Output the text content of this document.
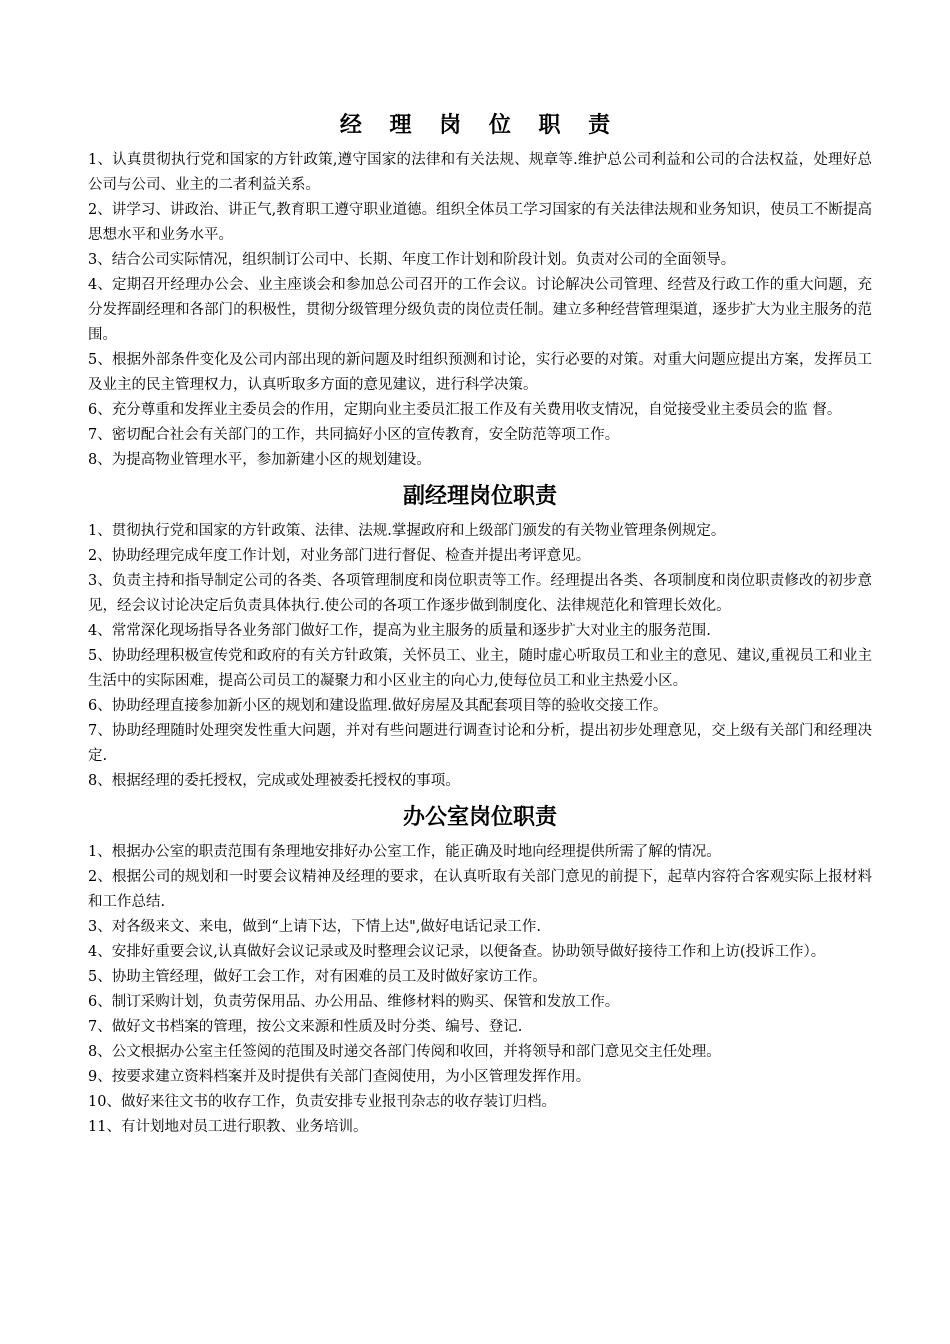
经 理 岗 位 职 责
1、认真贯彻执行党和国家的方针政策,遵守国家的法律和有关法规、规章等.维护总公司利益和公司的合法权益，处理好总公司与公司、业主的二者利益关系。
2、讲学习、讲政治、讲正气,教育职工遵守职业道德。组织全体员工学习国家的有关法律法规和业务知识，使员工不断提高思想水平和业务水平。
3、结合公司实际情况，组织制订公司中、长期、年度工作计划和阶段计划。负责对公司的全面领导。
4、定期召开经理办公会、业主座谈会和参加总公司召开的工作会议。讨论解决公司管理、经营及行政工作的重大问题，充分发挥副经理和各部门的积极性，贯彻分级管理分级负责的岗位责任制。建立多种经营管理渠道，逐步扩大为业主服务的范围。
5、根据外部条件变化及公司内部出现的新问题及时组织预测和讨论，实行必要的对策。对重大问题应提出方案，发挥员工及业主的民主管理权力，认真听取多方面的意见建议，进行科学决策。
6、充分尊重和发挥业主委员会的作用，定期向业主委员汇报工作及有关费用收支情况，自觉接受业主委员会的监 督。
7、密切配合社会有关部门的工作，共同搞好小区的宣传教育，安全防范等项工作。
8、为提高物业管理水平，参加新建小区的规划建设。
副经理岗位职责
1、贯彻执行党和国家的方针政策、法律、法规.掌握政府和上级部门颁发的有关物业管理条例规定。
2、协助经理完成年度工作计划，对业务部门进行督促、检查并提出考评意见。
3、负责主持和指导制定公司的各类、各项管理制度和岗位职责等工作。经理提出各类、各项制度和岗位职责修改的初步意见，经会议讨论决定后负责具体执行.使公司的各项工作逐步做到制度化、法律规范化和管理长效化。
4、常常深化现场指导各业务部门做好工作，提高为业主服务的质量和逐步扩大对业主的服务范围.
5、协助经理积极宣传党和政府的有关方针政策，关怀员工、业主，随时虚心听取员工和业主的意见、建议,重视员工和业主生活中的实际困难，提高公司员工的凝聚力和小区业主的向心力,使每位员工和业主热爱小区。
6、协助经理直接参加新小区的规划和建设监理.做好房屋及其配套项目等的验收交接工作。
7、协助经理随时处理突发性重大问题，并对有些问题进行调查讨论和分析，提出初步处理意见，交上级有关部门和经理决定.
8、根据经理的委托授权，完成或处理被委托授权的事项。
办公室岗位职责
1、根据办公室的职责范围有条理地安排好办公室工作，能正确及时地向经理提供所需了解的情况。
2、根据公司的规划和一时要会议精神及经理的要求，在认真听取有关部门意见的前提下，起草内容符合客观实际上报材料和工作总结.
3、对各级来文、来电，做到“上请下达，下情上达",做好电话记录工作.
4、安排好重要会议,认真做好会议记录或及时整理会议记录，以便备查。协助领导做好接待工作和上访(投诉工作）。
5、协助主管经理，做好工会工作，对有困难的员工及时做好家访工作。
6、制订采购计划，负责劳保用品、办公用品、维修材料的购买、保管和发放工作。
7、做好文书档案的管理，按公文来源和性质及时分类、编号、登记.
8、公文根据办公室主任签阅的范围及时递交各部门传阅和收回，并将领导和部门意见交主任处理。
9、按要求建立资料档案并及时提供有关部门查阅使用，为小区管理发挥作用。
10、做好来往文书的收存工作，负责安排专业报刊杂志的收存装订归档。
11、有计划地对员工进行职教、业务培训。
